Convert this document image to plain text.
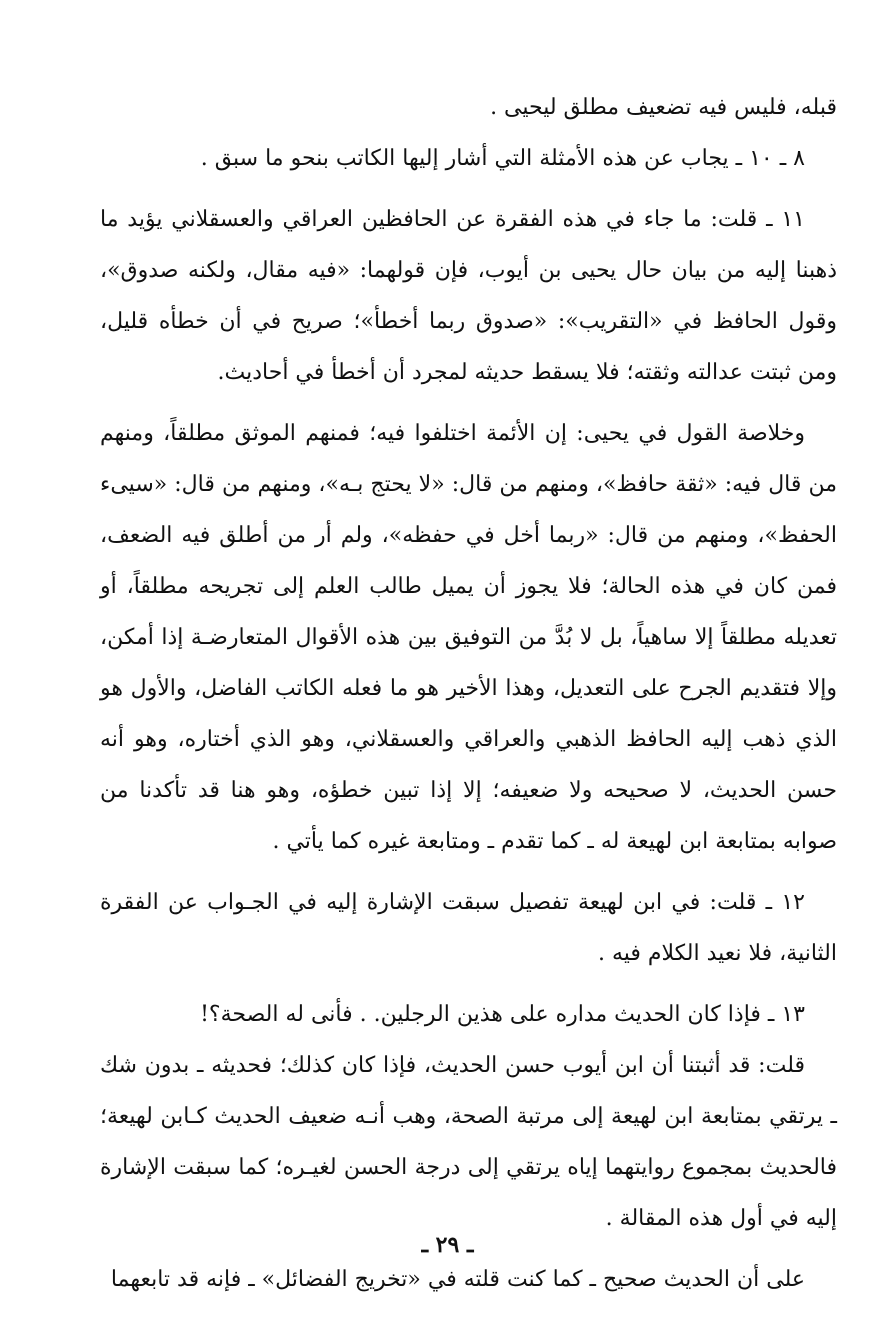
قبله، فليس فيه تضعيف مطلق ليحيى .

٨ ـ ١٠ ـ يجاب عن هذه الأمثلة التي أشار إليها الكاتب بنحو ما سبق .

١١ ـ قلت: ما جاء في هذه الفقرة عن الحافظين العراقي والعسقلاني يؤيد ما ذهبنا إليه من بيان حال يحيى بن أيوب، فإن قولهما: «فيه مقال، ولكنه صدوق»، وقول الحافظ في «التقريب»: «صدوق ربما أخطأ»؛ صريح في أن خطأه قليل، ومن ثبتت عدالته وثقته؛ فلا يسقط حديثه لمجرد أن أخطأ في أحاديث.

وخلاصة القول في يحيى: إن الأئمة اختلفوا فيه؛ فمنهم الموثق مطلقاً، ومنهم من قال فيه: «ثقة حافظ»، ومنهم من قال: «لا يحتج بـه»، ومنهم من قال: «سيىء الحفظ»، ومنهم من قال: «ربما أخل في حفظه»، ولم أر من أطلق فيه الضعف، فمن كان في هذه الحالة؛ فلا يجوز أن يميل طالب العلم إلى تجريحه مطلقاً، أو تعديله مطلقاً إلا ساهياً، بل لا بُدَّ من التوفيق بين هذه الأقوال المتعارضـة إذا أمكن، وإلا فتقديم الجرح على التعديل، وهذا الأخير هو ما فعله الكاتب الفاضل، والأول هو الذي ذهب إليه الحافظ الذهبي والعراقي والعسقلاني، وهو الذي أختاره، وهو أنه حسن الحديث، لا صحيحه ولا ضعيفه؛ إلا إذا تبين خطؤه، وهو هنا قد تأكدنا من صوابه بمتابعة ابن لهيعة له ـ كما تقدم ـ ومتابعة غيره كما يأتي .

١٢ ـ قلت: في ابن لهيعة تفصيل سبقت الإشارة إليه في الجـواب عن الفقرة الثانية، فلا نعيد الكلام فيه .

١٣ ـ فإذا كان الحديث مداره على هذين الرجلين. . فأنى له الصحة؟!

قلت: قد أثبتنا أن ابن أيوب حسن الحديث، فإذا كان كذلك؛ فحديثه ـ بدون شك ـ يرتقي بمتابعة ابن لهيعة إلى مرتبة الصحة، وهب أنـه ضعيف الحديث كـابن لهيعة؛ فالحديث بمجموع روايتهما إياه يرتقي إلى درجة الحسن لغيـره؛ كما سبقت الإشارة إليه في أول هذه المقالة .

على أن الحديث صحيح ـ كما كنت قلته في «تخريج الفضائل» ـ فإنه قد تابعهما

ـ ٢٩ ـ
